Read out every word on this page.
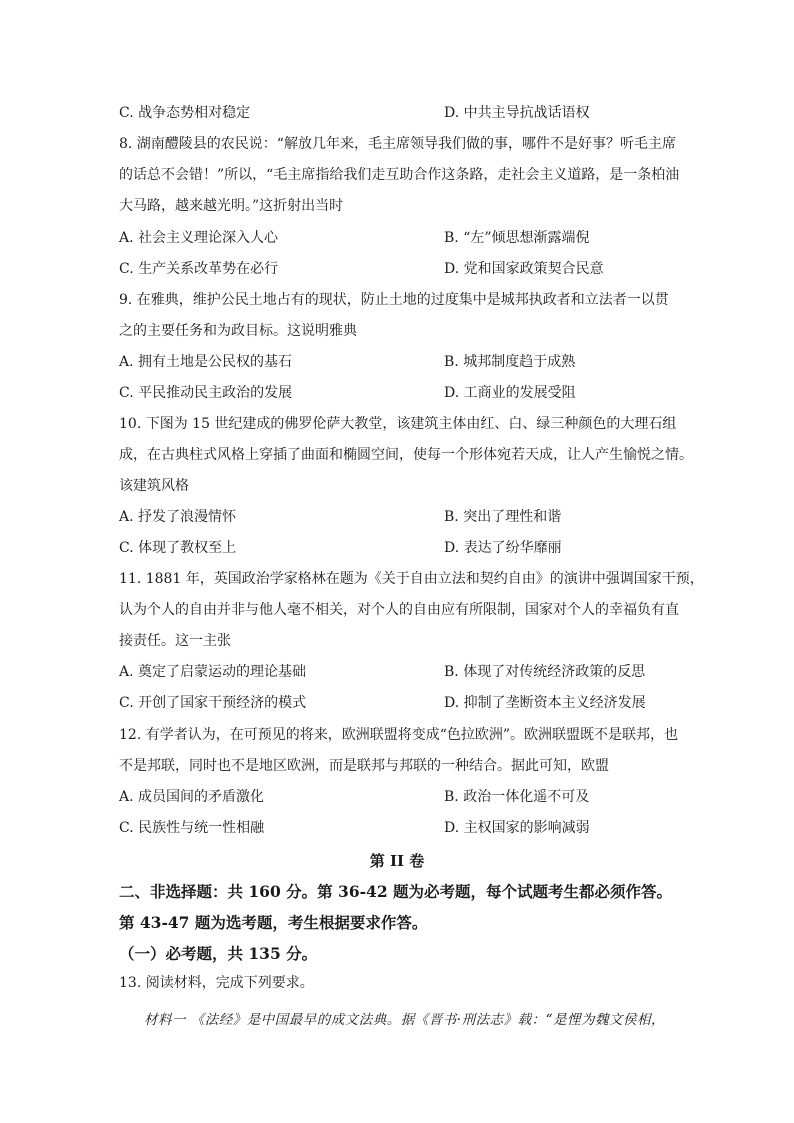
C. 战争态势相对稳定	D. 中共主导抗战话语权
8. 湖南醴陵县的农民说：“解放几年来，毛主席领导我们做的事，哪件不是好事？听毛主席
的话总不会错！”所以，“毛主席指给我们走互助合作这条路，走社会主义道路，是一条柏油
大马路，越来越光明。”这折射出当时
A. 社会主义理论深入人心	B. “左”倾思想渐露端倪
C. 生产关系改革势在必行	D. 党和国家政策契合民意
9. 在雅典，维护公民土地占有的现状，防止土地的过度集中是城邦执政者和立法者一以贯
之的主要任务和为政目标。这说明雅典
A. 拥有土地是公民权的基石	B. 城邦制度趋于成熟
C. 平民推动民主政治的发展	D. 工商业的发展受阻
10. 下图为 15 世纪建成的佛罗伦萨大教堂，该建筑主体由红、白、绿三种颜色的大理石组
成，在古典柱式风格上穿插了曲面和椭圆空间，使每一个形体宛若天成，让人产生愉悦之情。
该建筑风格
A. 抒发了浪漫情怀	B. 突出了理性和谐
C. 体现了教权至上	D. 表达了纷华靡丽
11. 1881 年，英国政治学家格林在题为《关于自由立法和契约自由》的演讲中强调国家干预，
认为个人的自由并非与他人毫不相关，对个人的自由应有所限制，国家对个人的幸福负有直
接责任。这一主张
A. 奠定了启蒙运动的理论基础	B. 体现了对传统经济政策的反思
C. 开创了国家干预经济的模式	D. 抑制了垄断资本主义经济发展
12. 有学者认为，在可预见的将来，欧洲联盟将变成“色拉欧洲”。欧洲联盟既不是联邦，也
不是邦联，同时也不是地区欧洲，而是联邦与邦联的一种结合。据此可知，欧盟
A. 成员国间的矛盾激化	B. 政治一体化遥不可及
C. 民族性与统一性相融	D. 主权国家的影响减弱
第 II 卷
二、非选择题：共 160 分。第 36-42 题为必考题，每个试题考生都必须作答。
第 43-47 题为选考题，考生根据要求作答。
（一）必考题，共 135 分。
13. 阅读材料，完成下列要求。
材料一 《法经》是中国最早的成文法典。据《晋书·刑法志》载：“是悝为魏文侯相，
